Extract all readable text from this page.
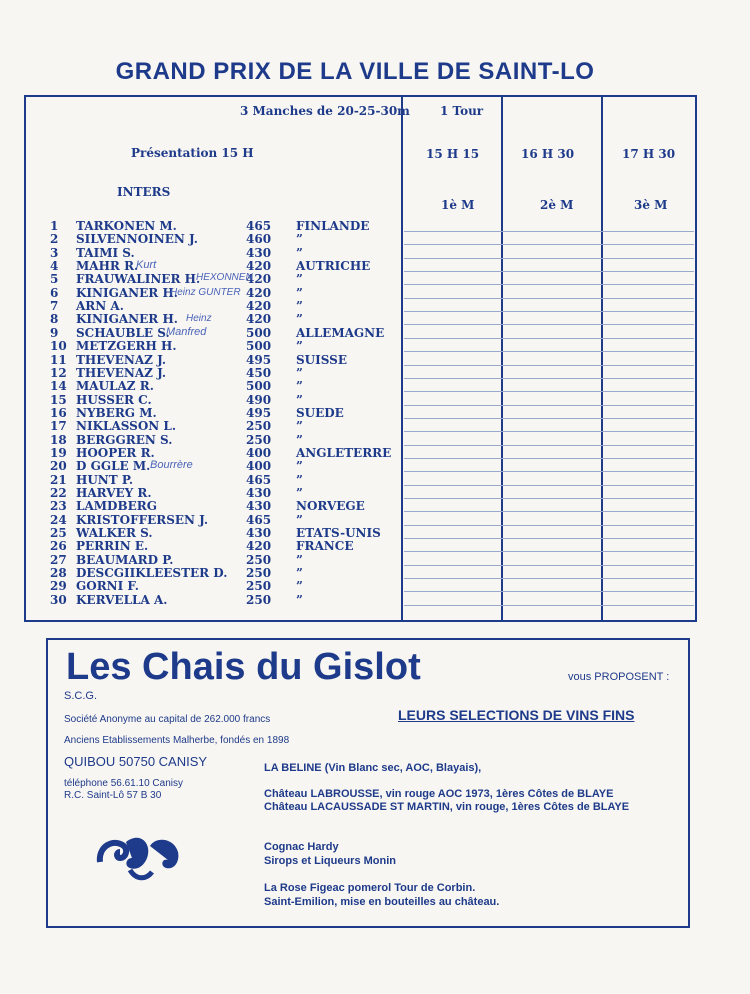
GRAND PRIX DE LA VILLE DE SAINT-LO
3 Manches de 20-25-30m	1 Tour
Présentation 15 H
INTERS
15 H 15	16 H 30	17 H 30
1è M	2è M	3è M
1	TARKONEN M.	465 FINLANDE
2	SILVENNOINEN J.	460 ”
3	TAIMI S.	430 ”
4	MAHR R.	420 AUTRICHE
5	FRAUWALINER H.	420 ”
6	KINIGANER H.	420 ”
7	ARN A.	420 ”
8	KINIGANER H.	420 ”
9	SCHAUBLE S.	500 ALLEMAGNE
10 METZGERH H.	500 ”
11 THEVENAZ J.	495 SUISSE
12 THEVENAZ J.	450 ”
14 MAULAZ R.	500 ”
15 HUSSER C.	490 ”
16 NYBERG M.	495 SUEDE
17 NIKLASSON L.	250 ”
18 BERGGREN S.	250 ”
19 HOOPER R.	400 ANGLETERRE
20 D GGLE M.	400 ”
21 HUNT P.	465 ”
22 HARVEY R.	430 ”
23 LAMDBERG	430 NORVEGE
24 KRISTOFFERSEN J.	465 ”
25 WALKER S.	430 ETATS-UNIS
26 PERRIN E.	420 FRANCE
27 BEAUMARD P.	250 ”
28 DESCGIIKLEESTER D. 250 ”
29 GORNI F.	250 ”
30 KERVELLA A.	250 ”
Kurt
HEXONNEN
Heinz GUNTER
Heinz
Manfred
Bourrère
Les Chais du Gislot	vous PROPOSENT :
S.C.G.
Société Anonyme au capital de 262.000 francs
Anciens Etablissements Malherbe, fondés en 1898
QUIBOU 50750 CANISY
téléphone 56.61.10 Canisy
R.C. Saint-Lô 57 B 30
LEURS SELECTIONS DE VINS FINS
LA BELINE (Vin Blanc sec, AOC, Blayais),
Château LABROUSSE, vin rouge AOC 1973, 1ères Côtes de BLAYE
Château LACAUSSADE ST MARTIN, vin rouge, 1ères Côtes de BLAYE
Cognac Hardy
Sirops et Liqueurs Monin
La Rose Figeac pomerol Tour de Corbin.
Saint-Emilion, mise en bouteilles au château.
